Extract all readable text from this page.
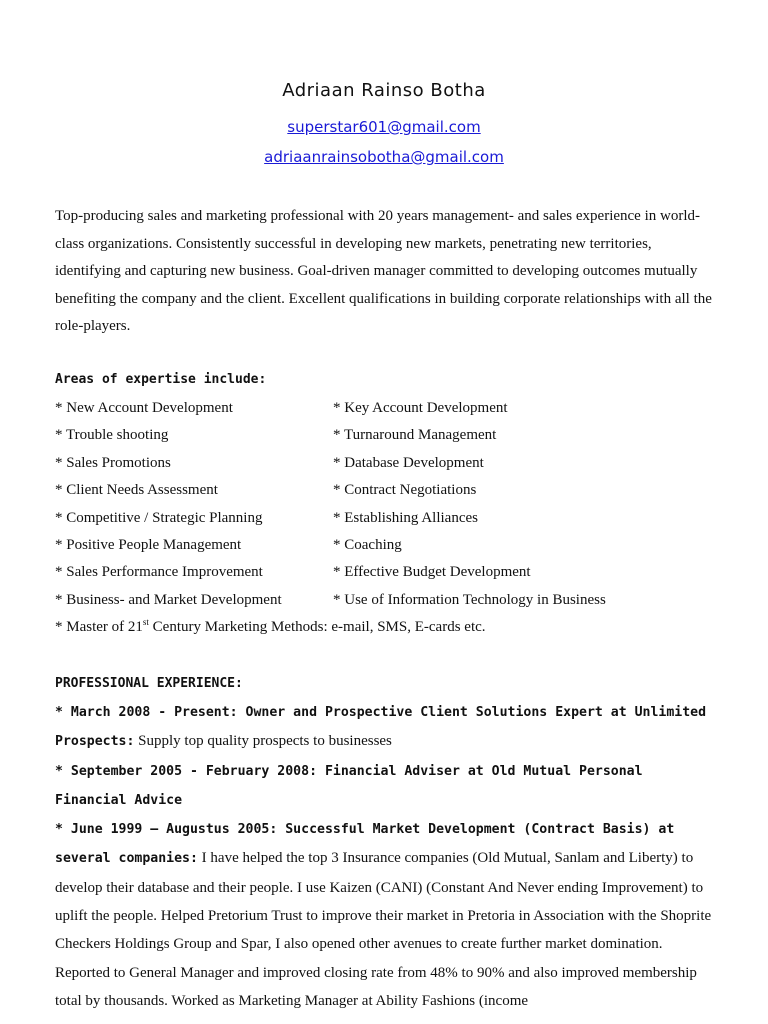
Adriaan Rainso Botha
superstar601@gmail.com
adriaanrainsobotha@gmail.com
Top-producing sales and marketing professional with 20 years management- and sales experience in world-class organizations. Consistently successful in developing new markets, penetrating new territories, identifying and capturing new business. Goal-driven manager committed to developing outcomes mutually benefiting the company and the client. Excellent qualifications in building corporate relationships with all the role-players.
Areas of expertise include:
* New Account Development	* Key Account Development
* Trouble shooting	* Turnaround Management
* Sales Promotions	* Database Development
* Client Needs Assessment	* Contract Negotiations
* Competitive / Strategic Planning	* Establishing Alliances
* Positive People Management	* Coaching
* Sales Performance Improvement	* Effective Budget Development
* Business- and Market Development	* Use of Information Technology in Business
* Master of 21st Century Marketing Methods: e-mail, SMS, E-cards etc.
PROFESSIONAL EXPERIENCE:

* March 2008 - Present: Owner and Prospective Client Solutions Expert at Unlimited Prospects: Supply top quality prospects to businesses

* September 2005 - February 2008: Financial Adviser at Old Mutual Personal Financial Advice

* June 1999 – Augustus 2005: Successful Market Development (Contract Basis) at several companies: I have helped the top 3 Insurance companies (Old Mutual, Sanlam and Liberty) to develop their database and their people. I use Kaizen (CANI) (Constant And Never ending Improvement) to uplift the people. Helped Pretorium Trust to improve their market in Pretoria in Association with the Shoprite Checkers Holdings Group and Spar, I also opened other avenues to create further market domination. Reported to General Manager and improved closing rate from 48% to 90% and also improved membership total by thousands. Worked as Marketing Manager at Ability Fashions (income
